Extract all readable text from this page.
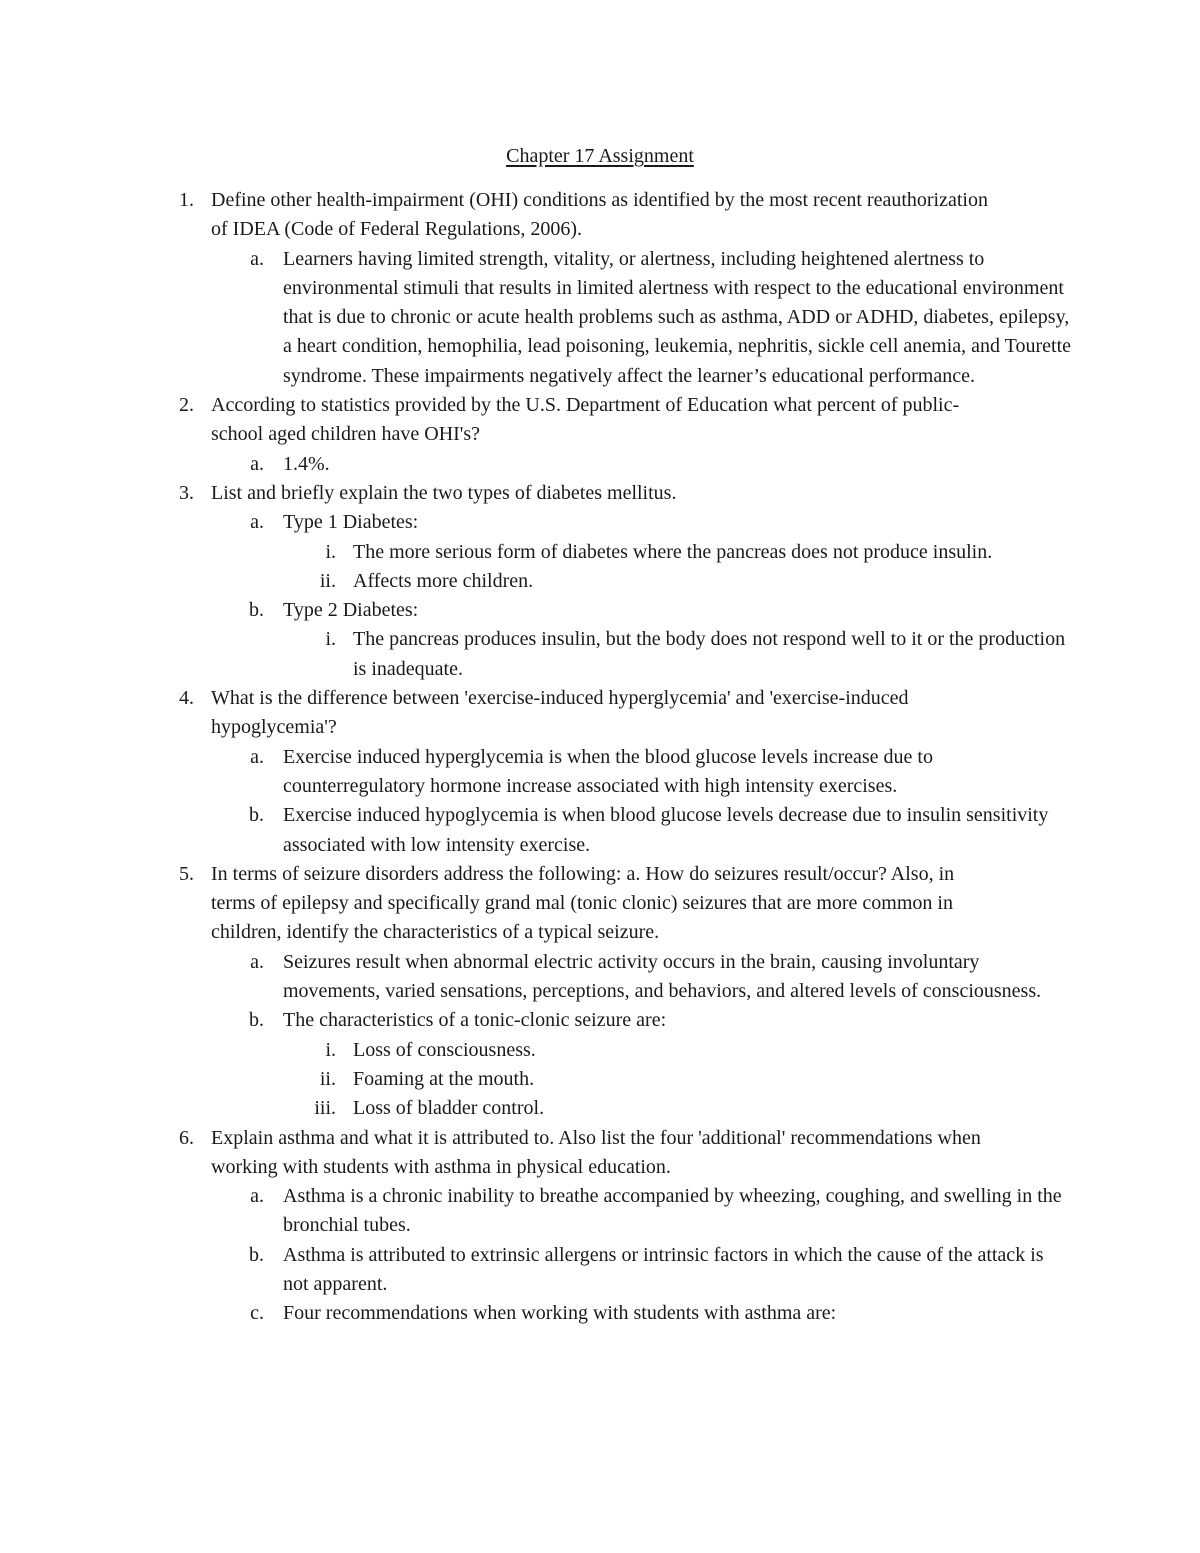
Chapter 17 Assignment
1. Define other health-impairment (OHI) conditions as identified by the most recent reauthorization of IDEA (Code of Federal Regulations, 2006).
a. Learners having limited strength, vitality, or alertness, including heightened alertness to environmental stimuli that results in limited alertness with respect to the educational environment that is due to chronic or acute health problems such as asthma, ADD or ADHD, diabetes, epilepsy, a heart condition, hemophilia, lead poisoning, leukemia, nephritis, sickle cell anemia, and Tourette syndrome. These impairments negatively affect the learner’s educational performance.
2. According to statistics provided by the U.S. Department of Education what percent of public-school aged children have OHI's?
a. 1.4%.
3. List and briefly explain the two types of diabetes mellitus.
a. Type 1 Diabetes:
i. The more serious form of diabetes where the pancreas does not produce insulin.
ii. Affects more children.
b. Type 2 Diabetes:
i. The pancreas produces insulin, but the body does not respond well to it or the production is inadequate.
4. What is the difference between 'exercise-induced hyperglycemia' and 'exercise-induced hypoglycemia'?
a. Exercise induced hyperglycemia is when the blood glucose levels increase due to counterregulatory hormone increase associated with high intensity exercises.
b. Exercise induced hypoglycemia is when blood glucose levels decrease due to insulin sensitivity associated with low intensity exercise.
5. In terms of seizure disorders address the following: a. How do seizures result/occur? Also, in terms of epilepsy and specifically grand mal (tonic clonic) seizures that are more common in children, identify the characteristics of a typical seizure.
a. Seizures result when abnormal electric activity occurs in the brain, causing involuntary movements, varied sensations, perceptions, and behaviors, and altered levels of consciousness.
b. The characteristics of a tonic-clonic seizure are:
i. Loss of consciousness.
ii. Foaming at the mouth.
iii. Loss of bladder control.
6. Explain asthma and what it is attributed to. Also list the four 'additional' recommendations when working with students with asthma in physical education.
a. Asthma is a chronic inability to breathe accompanied by wheezing, coughing, and swelling in the bronchial tubes.
b. Asthma is attributed to extrinsic allergens or intrinsic factors in which the cause of the attack is not apparent.
c. Four recommendations when working with students with asthma are:
